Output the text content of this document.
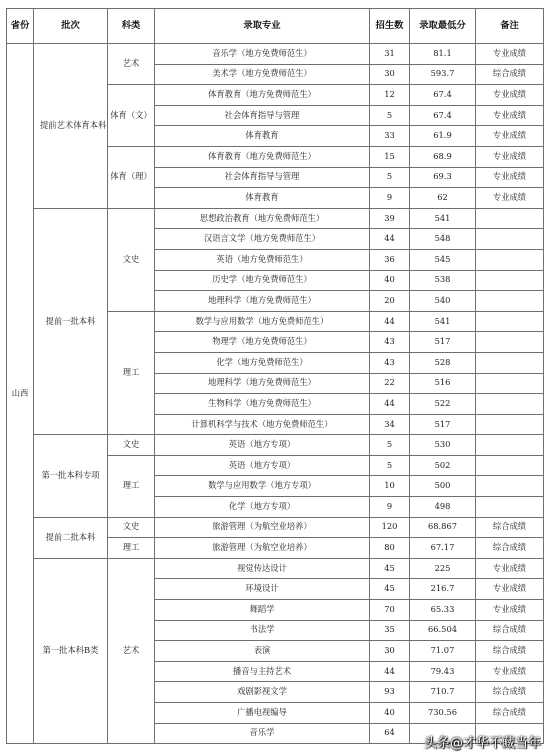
省份	批次	科类	录取专业	招生数	录取最低分	备注
山西	提前艺术体育本科	艺术	音乐学（地方免费师范生）	31	81.1	专业成绩
			美术学（地方免费师范生）	30	593.7	综合成绩
		体育（文）	体育教育（地方免费师范生）	12	67.4	专业成绩
			社会体育指导与管理	5	67.4	专业成绩
			体育教育	33	61.9	专业成绩
		体育（理）	体育教育（地方免费师范生）	15	68.9	专业成绩
			社会体育指导与管理	5	69.3	专业成绩
			体育教育	9	62	专业成绩
	提前一批本科	文史	思想政治教育（地方免费师范生）	39	541	
			汉语言文学（地方免费师范生）	44	548	
			英语（地方免费师范生）	36	545	
			历史学（地方免费师范生）	40	538	
			地理科学（地方免费师范生）	20	540	
		理工	数学与应用数学（地方免费师范生）	44	541	
			物理学（地方免费师范生）	43	517	
			化学（地方免费师范生）	43	528	
			地理科学（地方免费师范生）	22	516	
			生物科学（地方免费师范生）	44	522	
			计算机科学与技术（地方免费师范生）	34	517	
	第一批本科专项	文史	英语（地方专项）	5	530	
		理工	英语（地方专项）	5	502	
			数学与应用数学（地方专项）	10	500	
			化学（地方专项）	9	498	
	提前二批本科	文史	旅游管理（为航空业培养）	120	68.867	综合成绩
		理工	旅游管理（为航空业培养）	80	67.17	综合成绩
	第一批本科B类	艺术	视觉传达设计	45	225	专业成绩
			环境设计	45	216.7	专业成绩
			舞蹈学	70	65.33	专业成绩
			书法学	35	66.504	综合成绩
			表演	30	71.07	综合成绩
			播音与主持艺术	44	79.43	专业成绩
			戏剧影视文学	93	710.7	综合成绩
			广播电视编导	40	730.56	综合成绩
			音乐学	64		
头条@才华不藏当年
